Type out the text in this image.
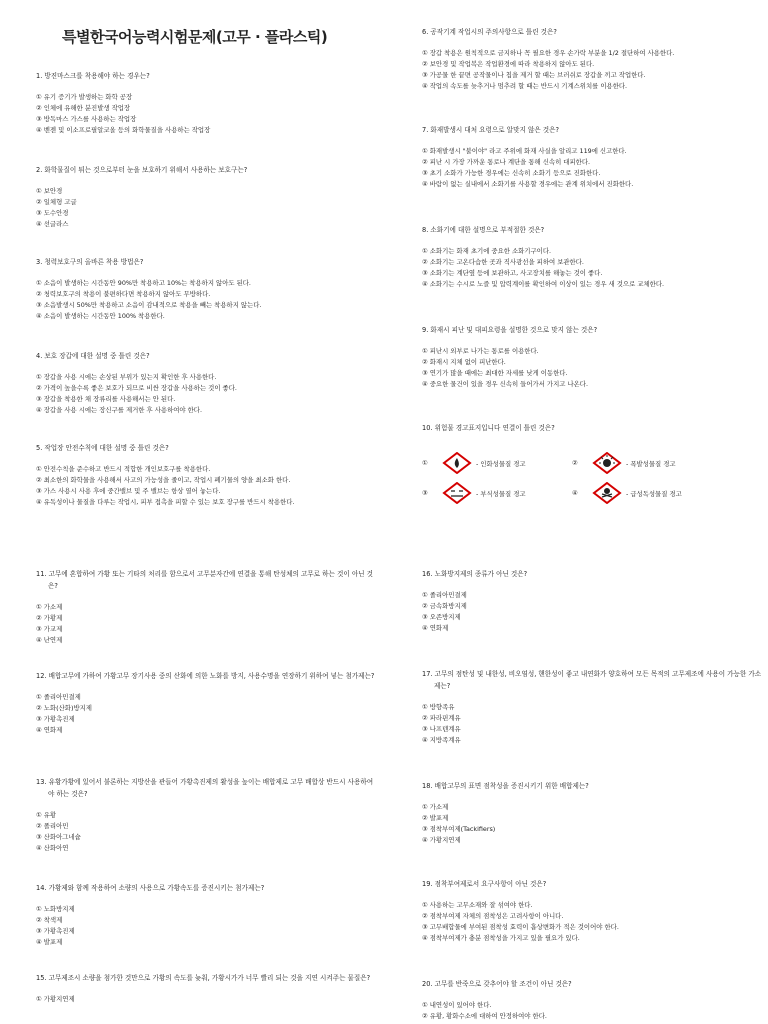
특별한국어능력시험문제(고무 · 플라스틱)

1. 방진마스크를 착용해야 하는 경우는?

① 유기 증기가 발생하는 화학 공장
② 인체에 유해한 분진발생 작업장
③ 방독마스 가스를 사용하는 작업장
④ 벤젠 및 이소프로필알코올 등의 화학물질을 사용하는 작업장

2. 화학물질이 튀는 것으로부터 눈을 보호하기 위해서 사용하는 보호구는?

① 보안경
② 일체형 고글
③ 도수안경
④ 선글라스

3. 청력보호구의 올바른 착용 방법은?

① 소음이 발생하는 시간동안 90%만 착용하고 10%는 착용하지 않아도 된다.
② 청력보호구의 착용이 불편하다면 착용하지 않아도 무방하다.
③ 소음발생시 50%만 착용하고 소음이 감내적으로 착용을 빼는 착용하지 않는다.
④ 소음이 발생하는 시간동안 100% 착용한다.

4. 보호 장갑에 대한 설명 중 틀린 것은?

① 장갑을 사용 시에는 손상된 부위가 있는지 확인한 후 사용한다.
② 가격이 높을수록 좋은 보호가 되므로 비싼 장갑을 사용하는 것이 좋다.
③ 장갑을 착용한 채 장류리를 사용해서는 안 된다.
④ 장갑을 사용 시에는 장신구를 제거한 후 사용하여야 한다.

5. 작업장 안전수칙에 대한 설명 중 틀린 것은?

① 안전수칙을 준수하고 반드시 적합한 개인보호구를 착용한다.
② 최소한의 화학물을 사용해서 사고의 가능성을 줄이고, 작업시 폐기물의 양을 최소화 한다.
③ 가스 사용시 사용 후에 중간밸브 및 주 밸브는 항상 열어 놓는다.
④ 유독성이나 물질을 다루는 작업시, 피부 접촉을 피할 수 있는 보호 장구를 반드시 착용한다.

6. 공작기계 작업시의 주의사항으로 틀린 것은?

① 장갑 착용은 원칙적으로 금지하나 꼭 필요한 경우 손가락 부분을 1/2 절단하여 사용한다.
② 보안경 및 작업복은 작업환경에 따라 착용하지 않아도 된다.
③ 가공물 한 끝면 공작물이나 칩을 제거 할 때는 브러쉬로 장갑을 끼고 작업한다.
④ 작업의 속도를 늦추거나 멈추려 할 때는 반드시 기계스위치를 이용한다.

7. 화재발생시 대처 요령으로 알맞지 않은 것은?

① 화재발생시 "불이야" 라고 주위에 화재 사실을 알리고 119에 신고한다.
② 피난 시 가장 가까운 통로나 계단을 통해 신속히 대피한다.
③ 초기 소화가 가능한 경우에는 신속히 소화기 등으로 진화한다.
④ 바람이 없는 실내에서 소화기를 사용할 경우에는 관계 위치에서 진화한다.

8. 소화기에 대한 설명으로 부적절한 것은?

① 소화기는 화재 초기에 중요한 소화기구이다.
② 소화기는 고온다습한 곳과 직사광선을 피하여 보관한다.
③ 소화기는 계단옆 등에 보관하고, 사고장치를 해놓는 것이 좋다.
④ 소화기는 수시로 노즐 및 압력계이를 확인하여 이상이 있는 경우 새 것으로 교체한다.

9. 화재시 피난 및 대피요령을 설명한 것으로 맞지 않는 것은?

① 피난시 외부로 나가는 통로를 이용한다.
② 화재시 지체 없이 피난한다.
③ 연기가 많을 때에는 최대한 자세를 낮게 이동한다.
④ 중요한 물건이 있을 경우 신속히 들어가서 가지고 나온다.

10. 위험물 경고표지입니다 연결이 틀린 것은?

①	- 인화성물질 경고	②	- 폭발성물질 경고
③	- 부식성물질 경고	④	- 급성독성물질 경고

11. 고무에 혼합하여 가황 또는 기타의 처리를 함으로서 고무분자간에 연결을 통해 탄성체의 고무로 하는 것이 아닌 것은?

① 가소제
② 가황제
③ 가교제
④ 난연제

12. 배합고무에 가하여 가황고무 장기사용 중의 산화에 의한 노화를 방지, 사용수명을 연장하기 위하여 넣는 첨가제는?

① 졸리아민결제
② 노화(산화)방지제
③ 가황촉진제
④ 연화제

13. 유황가황에 있어서 불론하는 지방산을 관들어 가황촉진제의 활성을 높이는 배합제로 고무 배합상 반드시 사용하여야 하는 것은?

① 유황
② 폴리아민
③ 산화아그네슘
④ 산화아연

14. 가황제와 함께 작용하여 소량의 사용으로 가황속도를 증진시키는 첨가제는?

① 노화방지제
② 착색제
③ 가황촉진제
④ 발포제

15. 고무제조시 소량을 첨가한 것만으로 가황의 속도를 늦춰, 가황시가가 너무 빨리 되는 것을 지연 시켜주는 물질은?

① 가황지연제

16. 노화방지제의 종류가 아닌 것은?

① 졸리아민결제
② 금속화방지제
③ 오존방지제
④ 연화제

17. 고무의 점탄성 및 내한성, 비오염성, 핸한성이 좋고 내연화가 양호하여 모든 목적의 고무제조에 사용이 가능한 가소제는?

① 방향족유
② 파라핀계유
③ 나프텐계유
④ 지방족계유

18. 배합고무의 표면 점착성을 증진시키기 위한 배합제는?

① 가소제
② 발포제
③ 점착부여제(Tackifiers)
④ 가황지연제

19. 점착부여제로서 요구사항이 아닌 것은?

① 사용하는 고무소재와 잘 섞여야 한다.
② 점착부여제 자체의 점착성은 고려사항이 아니다.
③ 고무배합물에 부여된 점착성 효력이 흡상변화가 적은 것이어야 한다.
④ 점착부여제가 충분 점착성을 가지고 있을 필요가 있다.

20. 고무를 반죽으로 갖추어야 할 조건이 아닌 것은?

① 내연성이 있어야 한다.
② 유황, 황화수소에 대하여 안정하여야 한다.
